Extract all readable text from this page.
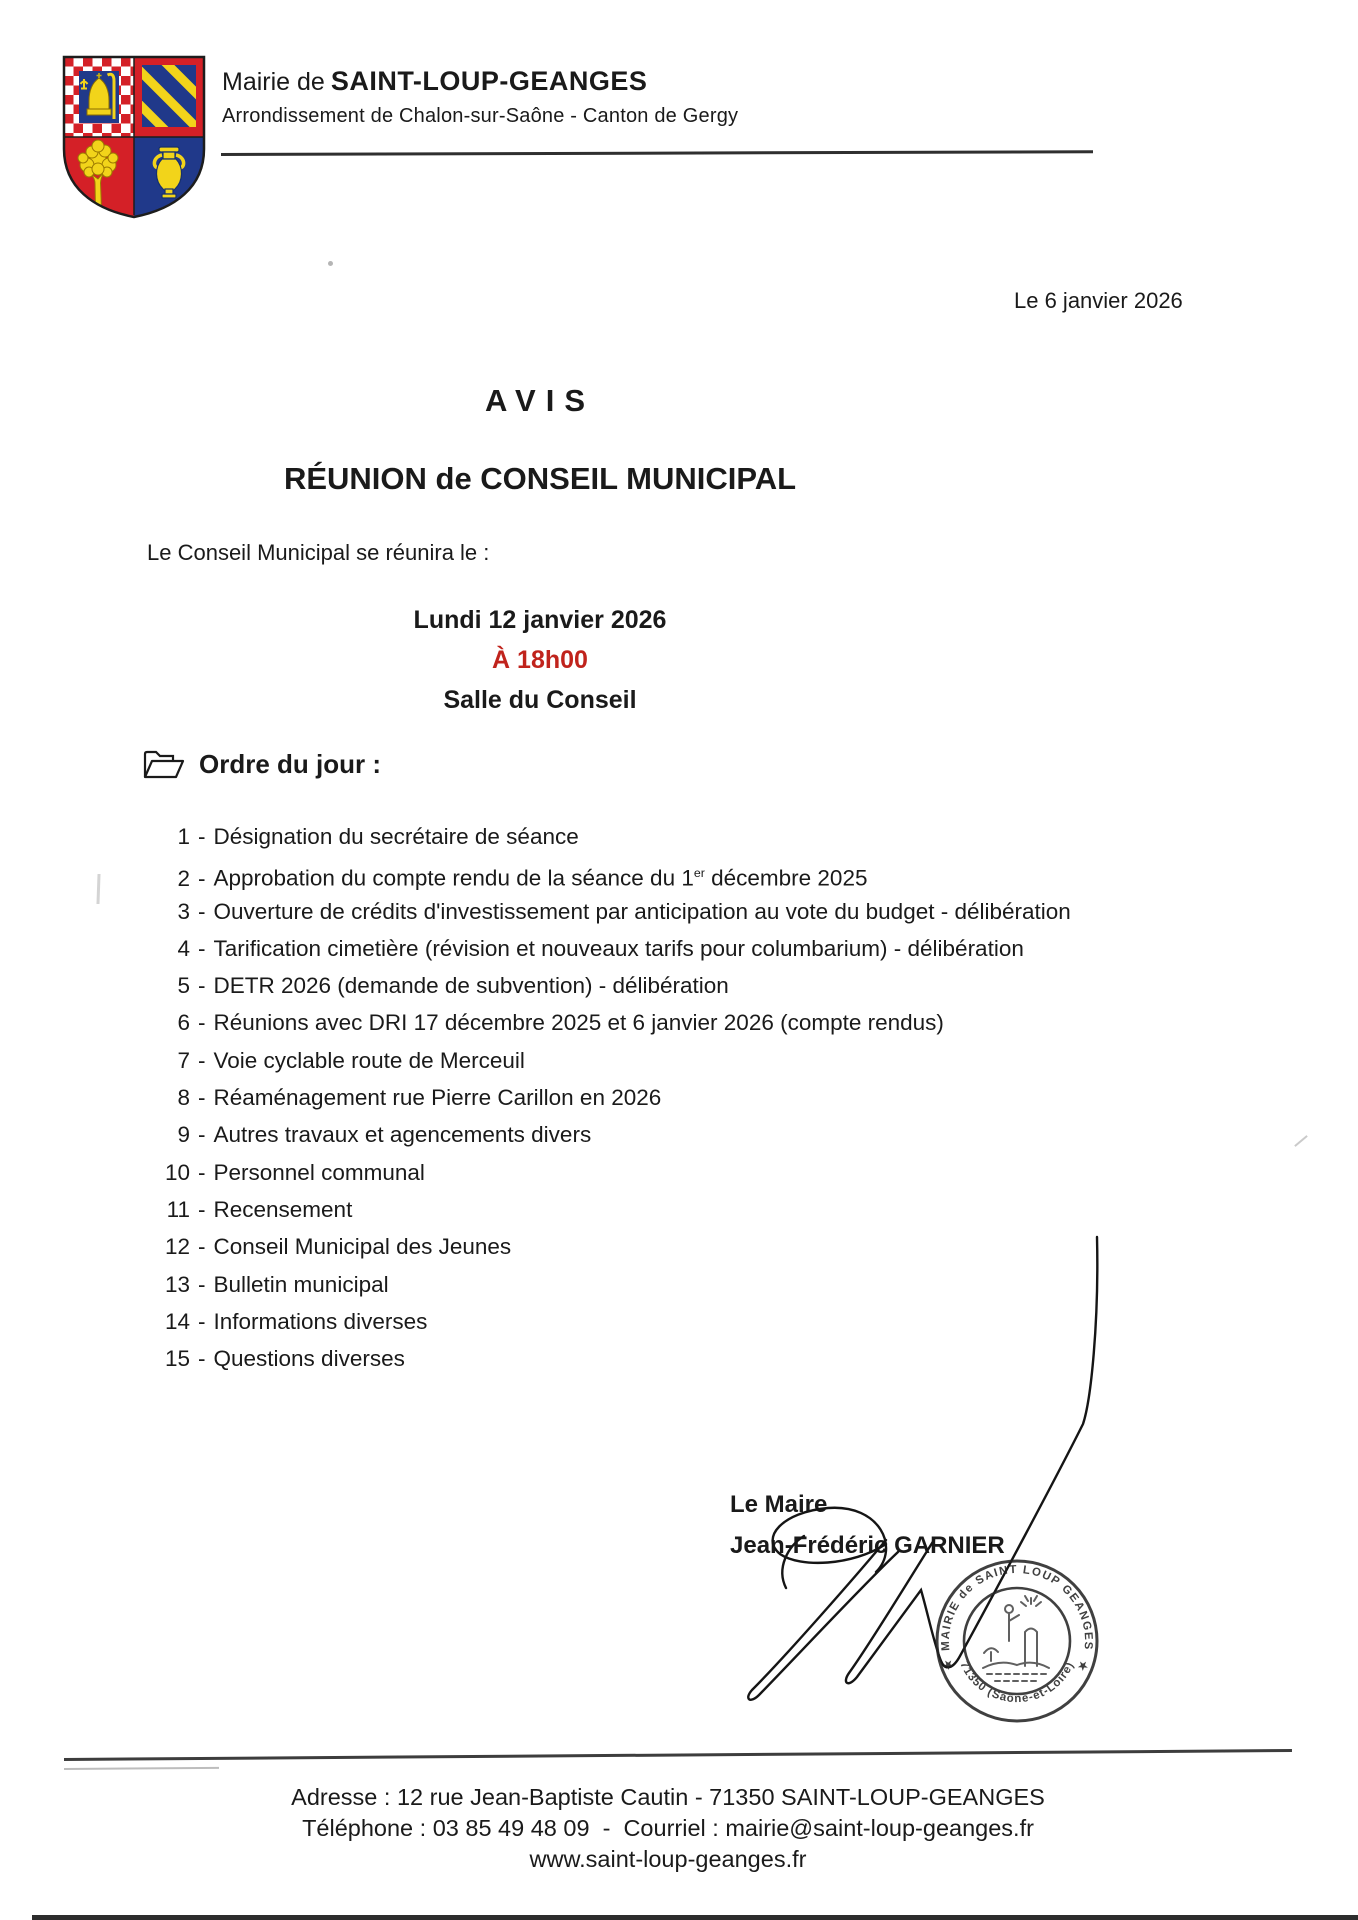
Mairie de SAINT-LOUP-GEANGES
Arrondissement de Chalon-sur-Saône - Canton de Gergy
Le 6 janvier 2026
AVIS
RÉUNION de CONSEIL MUNICIPAL
Le Conseil Municipal se réunira le :
Lundi 12 janvier 2026
À 18h00
Salle du Conseil
Ordre du jour :
1 - Désignation du secrétaire de séance
2 - Approbation du compte rendu de la séance du 1er décembre 2025
3 - Ouverture de crédits d'investissement par anticipation au vote du budget - délibération
4 - Tarification cimetière (révision et nouveaux tarifs pour columbarium) - délibération
5 - DETR 2026 (demande de subvention) - délibération
6 - Réunions avec DRI 17 décembre 2025 et 6 janvier 2026 (compte rendus)
7 - Voie cyclable route de Merceuil
8 - Réaménagement rue Pierre Carillon en 2026
9 - Autres travaux et agencements divers
10 - Personnel communal
11 - Recensement
12 - Conseil Municipal des Jeunes
13 - Bulletin municipal
14 - Informations diverses
15 - Questions diverses
Le Maire
Jean-Frédéric GARNIER
MAIRIE de SAINT LOUP GEANGES
71350 (Saône-et-Loire)
★	★
Adresse : 12 rue Jean-Baptiste Cautin - 71350 SAINT-LOUP-GEANGES
Téléphone : 03 85 49 48 09  -  Courriel : mairie@saint-loup-geanges.fr
www.saint-loup-geanges.fr
